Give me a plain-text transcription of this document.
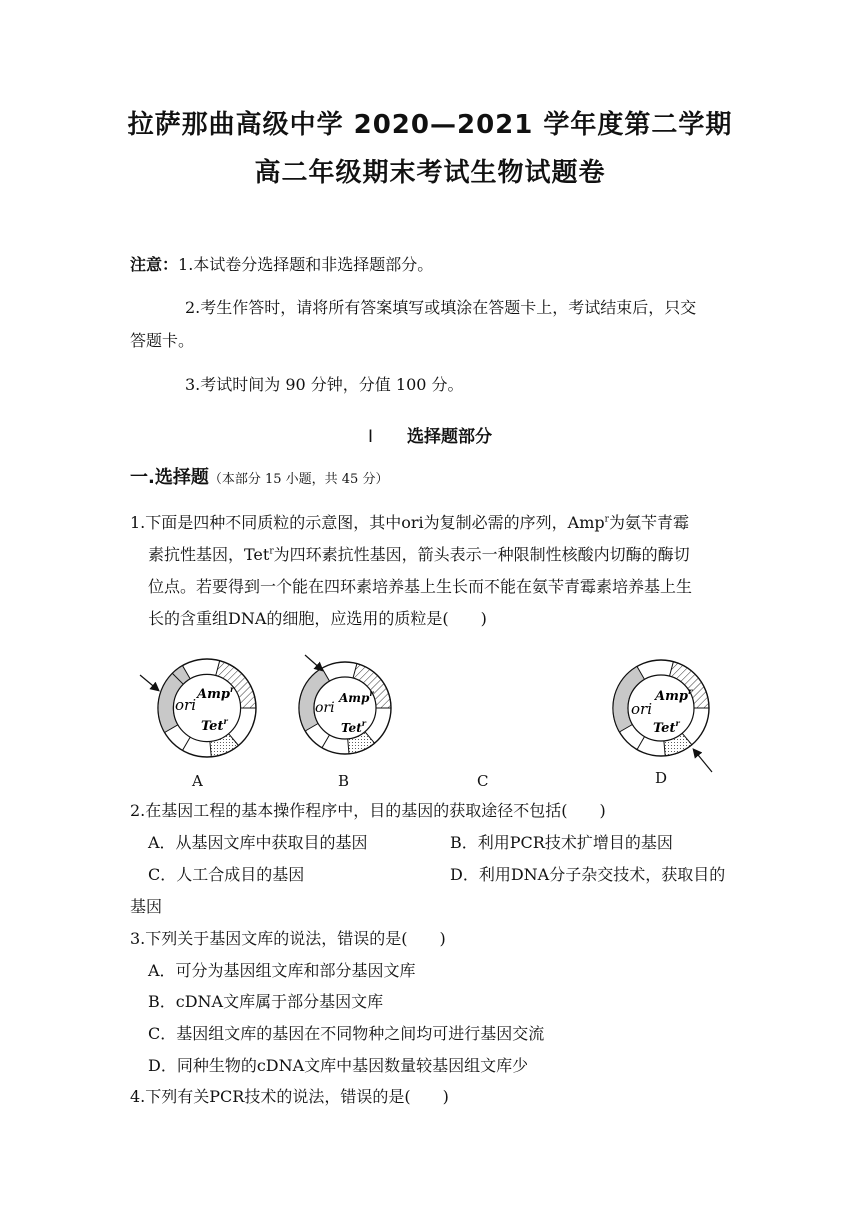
拉萨那曲高级中学 2020—2021 学年度第二学期
高二年级期末考试生物试题卷
注意：1.本试卷分选择题和非选择题部分。
2.考生作答时，请将所有答案填写或填涂在答题卡上，考试结束后，只交
答题卡。
3.考试时间为 90 分钟，分值 100 分。
Ⅰ 选择题部分
一.选择题（本部分 15 小题，共 45 分）
1.下面是四种不同质粒的示意图，其中ori为复制必需的序列，Amp$^r$为氨苄青霉
素抗性基因，Tet$^r$为四环素抗性基因，箭头表示一种限制性核酸内切酶的酶切
位点。若要得到一个能在四环素培养基上生长而不能在氨苄青霉素培养基上生
长的含重组DNA的细胞，应选用的质粒是(　　)
ori
Amp$^r$
Tet$^r$
ori
Amp$^r$
Tet$^r$
ori
Amp$^r$
Tet$^r$
A	B	C	D
2.在基因工程的基本操作程序中，目的基因的获取途径不包括(　　)
A．从基因文库中获取目的基因	B．利用PCR技术扩增目的基因
C．人工合成目的基因	D．利用DNA分子杂交技术，获取目的
基因
3.下列关于基因文库的说法，错误的是(　　)
A．可分为基因组文库和部分基因文库
B．cDNA文库属于部分基因文库
C．基因组文库的基因在不同物种之间均可进行基因交流
D．同种生物的cDNA文库中基因数量较基因组文库少
4.下列有关PCR技术的说法，错误的是(　　)
